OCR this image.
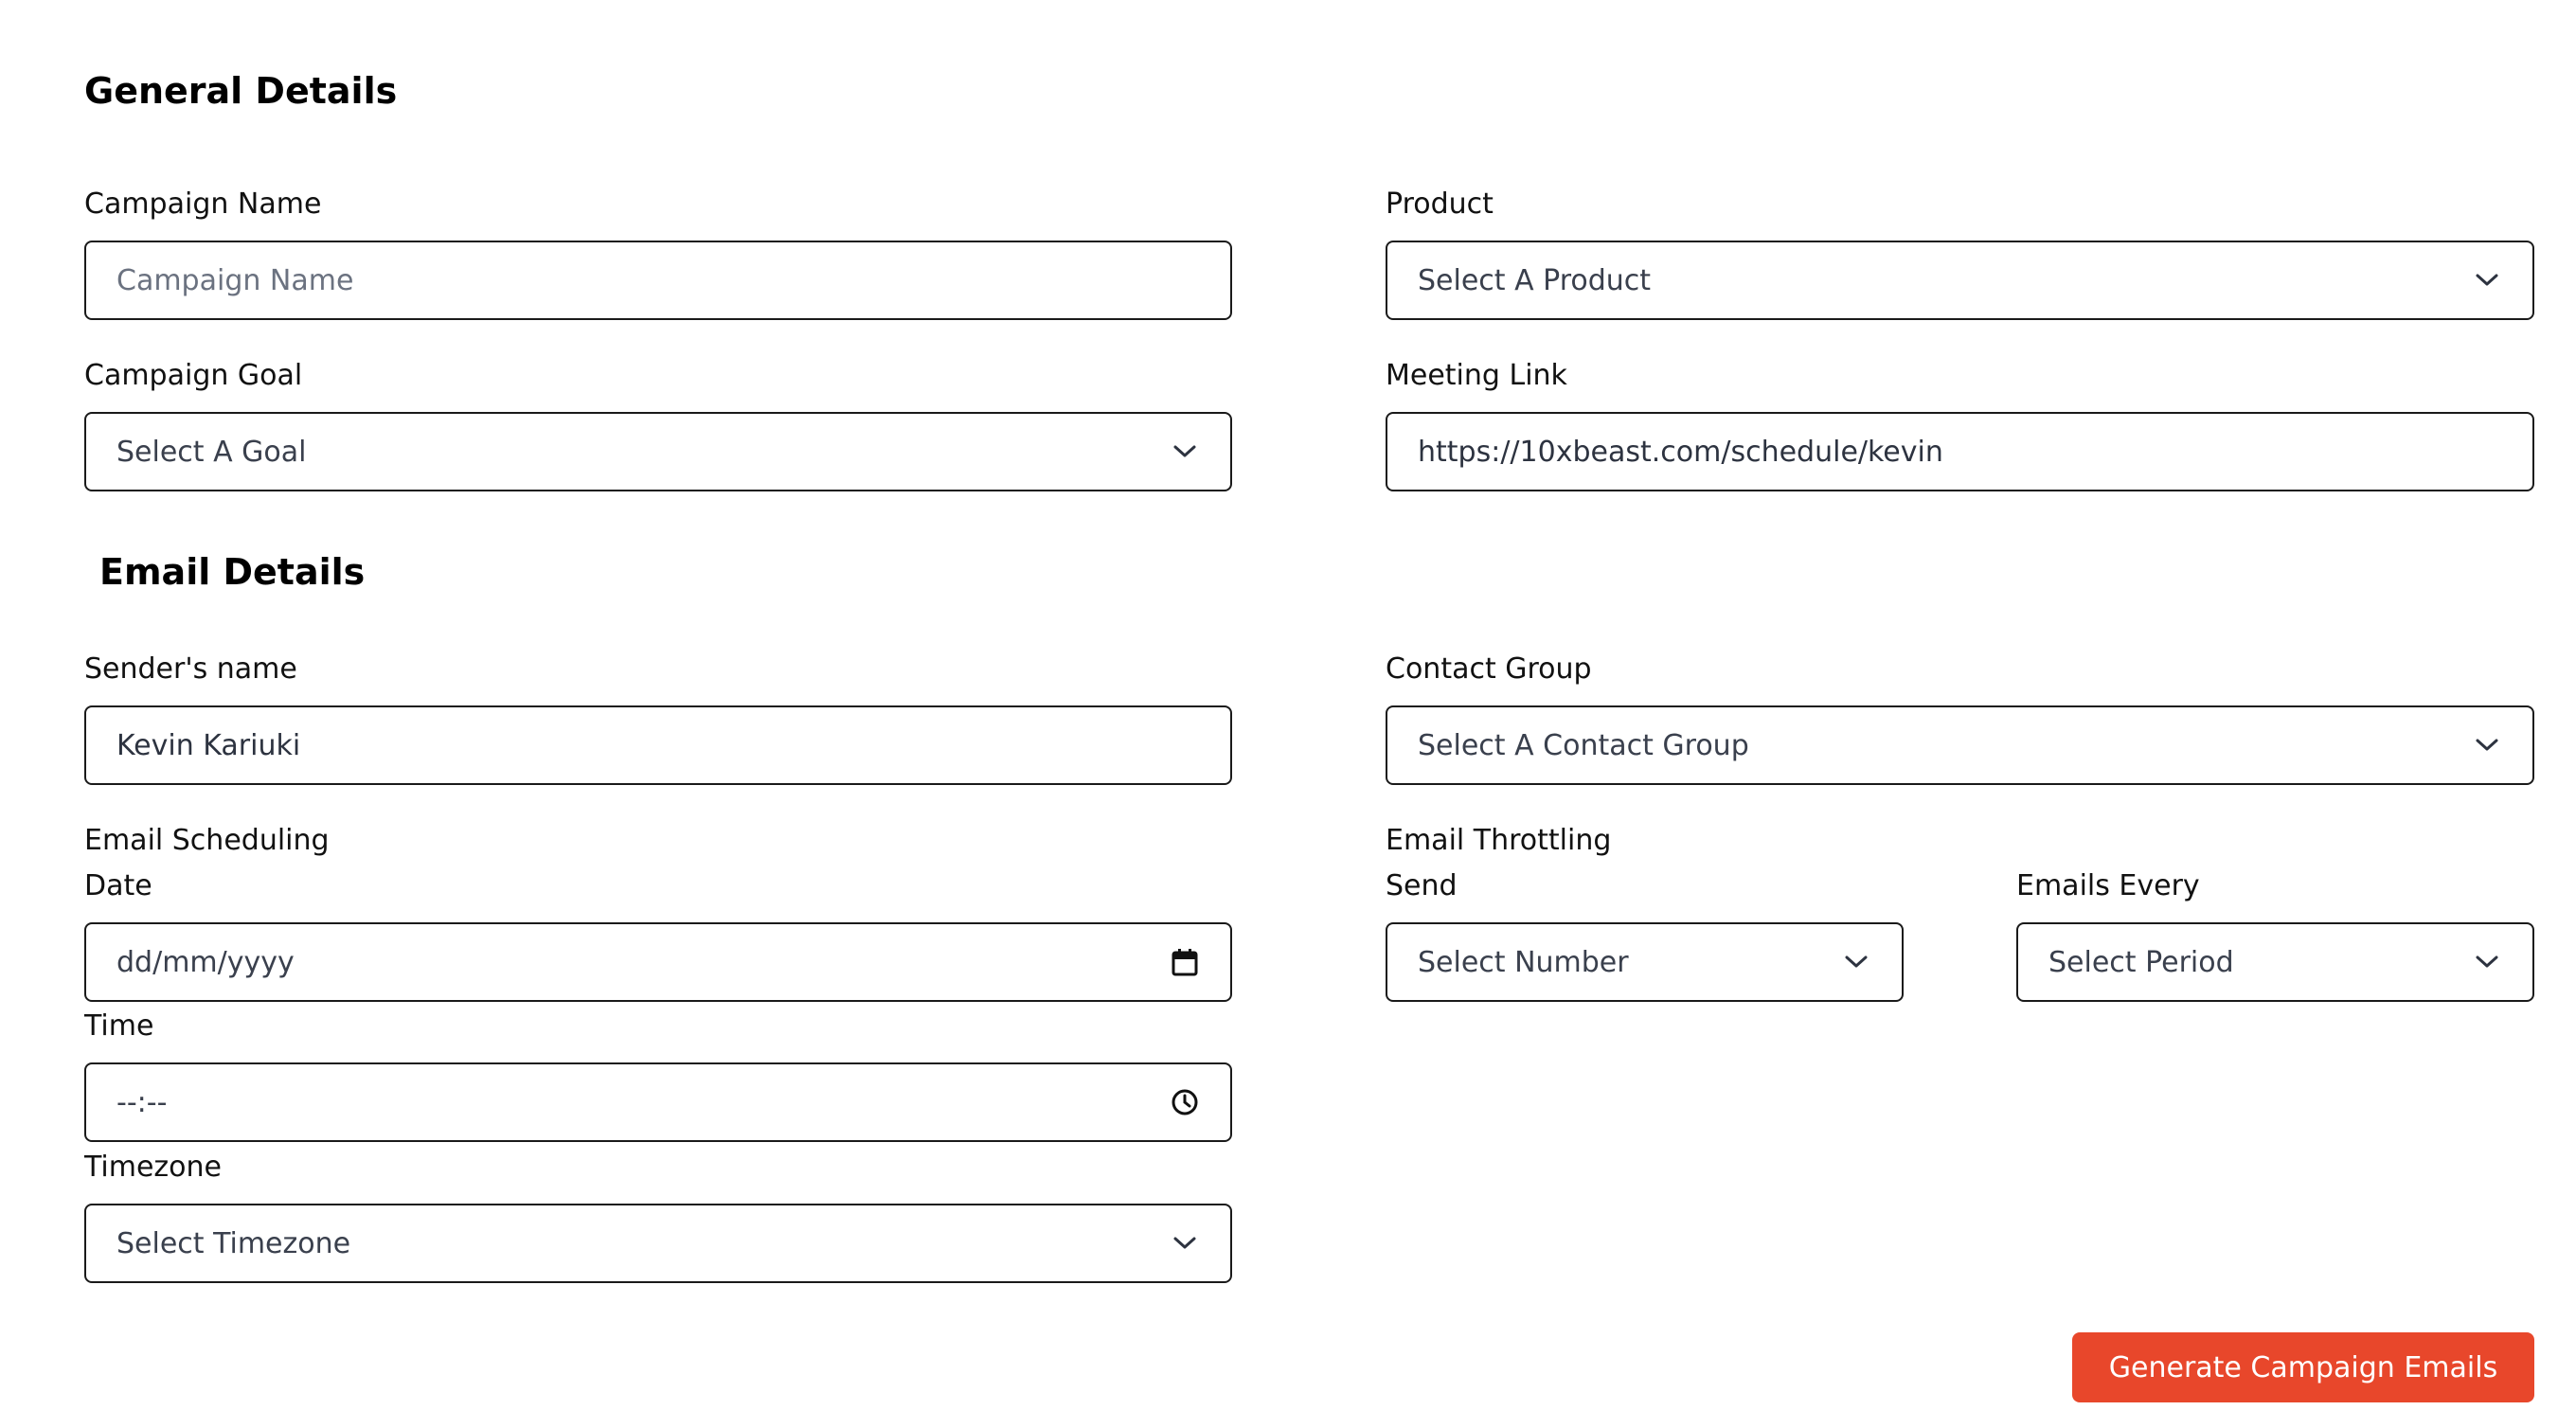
General Details
Campaign Name
Campaign Name	Product
Select A Product
Campaign Goal
Select A Goal
Meeting Link
https://10xbeast.com/schedule/kevin
Email Details
Sender's name
Kevin Kariuki	Contact Group
Select A Contact Group
Email Scheduling
Date
dd/mm/yyyy
Time
--:--
Timezone
Select Timezone
Email Throttling
Send
Select Number
Emails Every
Select Period
Generate Campaign Emails
